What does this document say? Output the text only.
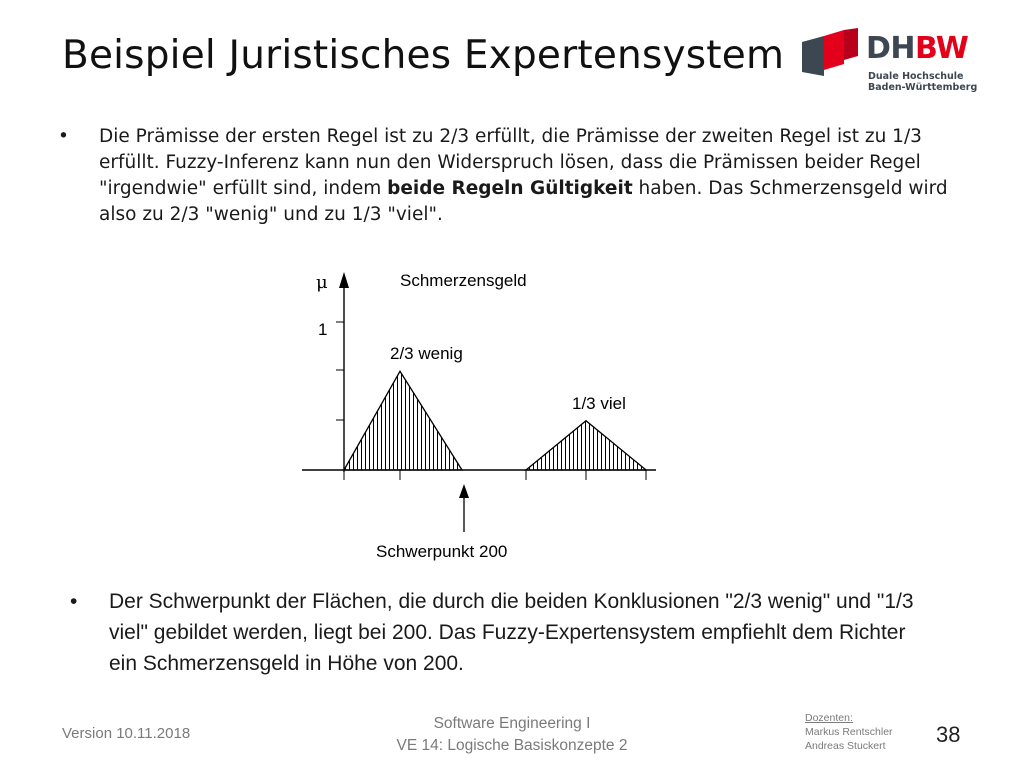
Beispiel Juristisches Expertensystem	DHBW
Duale Hochschule
Baden-Württemberg
•	Die Prämisse der ersten Regel ist zu 2/3 erfüllt, die Prämisse der zweiten Regel ist zu 1/3 erfüllt. Fuzzy-Inferenz kann nun den Widerspruch lösen, dass die Prämissen beider Regel "irgendwie" erfüllt sind, indem beide Regeln Gültigkeit haben. Das Schmerzensgeld wird also zu 2/3 "wenig" und zu 1/3 "viel".
μ
1
Schmerzensgeld
2/3 wenig
1/3 viel
Schwerpunkt 200
•	Der Schwerpunkt der Flächen, die durch die beiden Konklusionen "2/3 wenig" und "1/3 viel" gebildet werden, liegt bei 200. Das Fuzzy-Expertensystem empfiehlt dem Richter ein Schmerzensgeld in Höhe von 200.
Version 10.11.2018
Software Engineering I
VE 14: Logische Basiskonzepte 2
Dozenten:
Markus Rentschler
Andreas Stuckert	38
